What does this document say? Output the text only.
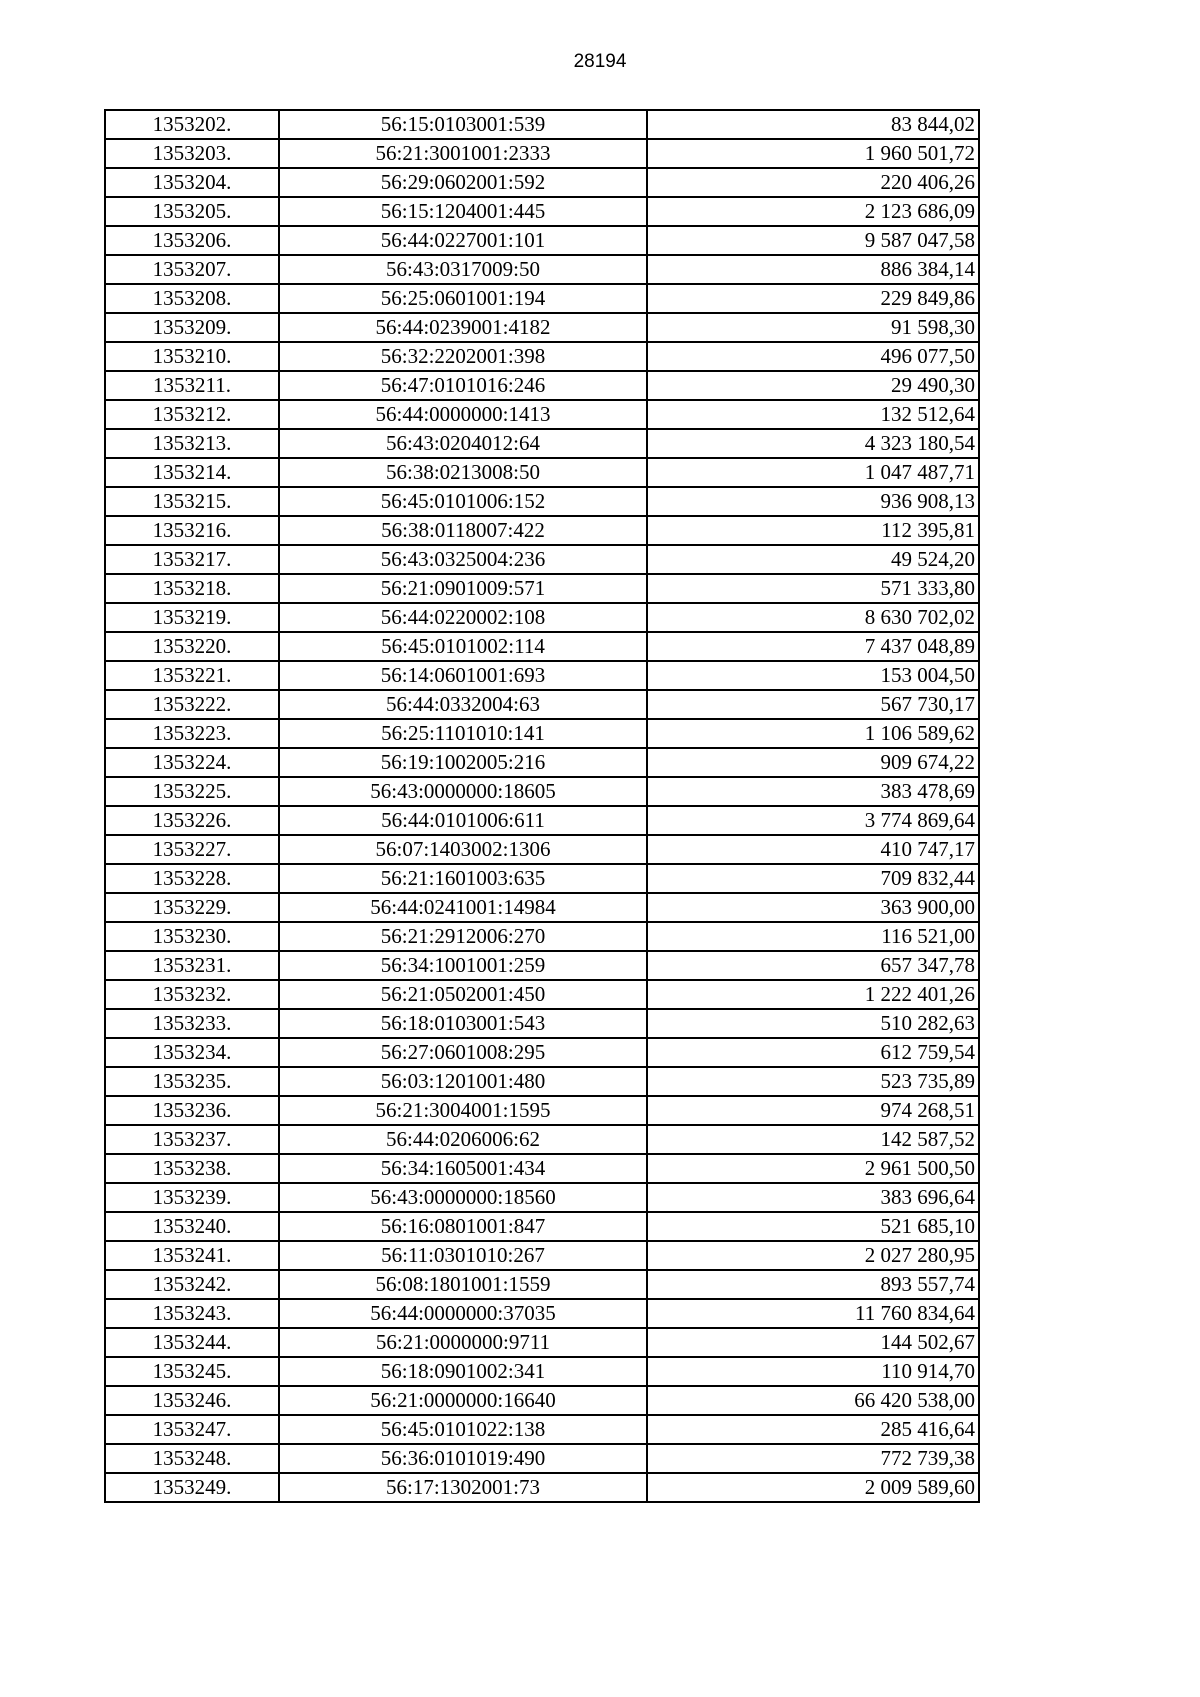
28194
1353202.	56:15:0103001:539	83 844,02
1353203.	56:21:3001001:2333	1 960 501,72
1353204.	56:29:0602001:592	220 406,26
1353205.	56:15:1204001:445	2 123 686,09
1353206.	56:44:0227001:101	9 587 047,58
1353207.	56:43:0317009:50	886 384,14
1353208.	56:25:0601001:194	229 849,86
1353209.	56:44:0239001:4182	91 598,30
1353210.	56:32:2202001:398	496 077,50
1353211.	56:47:0101016:246	29 490,30
1353212.	56:44:0000000:1413	132 512,64
1353213.	56:43:0204012:64	4 323 180,54
1353214.	56:38:0213008:50	1 047 487,71
1353215.	56:45:0101006:152	936 908,13
1353216.	56:38:0118007:422	112 395,81
1353217.	56:43:0325004:236	49 524,20
1353218.	56:21:0901009:571	571 333,80
1353219.	56:44:0220002:108	8 630 702,02
1353220.	56:45:0101002:114	7 437 048,89
1353221.	56:14:0601001:693	153 004,50
1353222.	56:44:0332004:63	567 730,17
1353223.	56:25:1101010:141	1 106 589,62
1353224.	56:19:1002005:216	909 674,22
1353225.	56:43:0000000:18605	383 478,69
1353226.	56:44:0101006:611	3 774 869,64
1353227.	56:07:1403002:1306	410 747,17
1353228.	56:21:1601003:635	709 832,44
1353229.	56:44:0241001:14984	363 900,00
1353230.	56:21:2912006:270	116 521,00
1353231.	56:34:1001001:259	657 347,78
1353232.	56:21:0502001:450	1 222 401,26
1353233.	56:18:0103001:543	510 282,63
1353234.	56:27:0601008:295	612 759,54
1353235.	56:03:1201001:480	523 735,89
1353236.	56:21:3004001:1595	974 268,51
1353237.	56:44:0206006:62	142 587,52
1353238.	56:34:1605001:434	2 961 500,50
1353239.	56:43:0000000:18560	383 696,64
1353240.	56:16:0801001:847	521 685,10
1353241.	56:11:0301010:267	2 027 280,95
1353242.	56:08:1801001:1559	893 557,74
1353243.	56:44:0000000:37035	11 760 834,64
1353244.	56:21:0000000:9711	144 502,67
1353245.	56:18:0901002:341	110 914,70
1353246.	56:21:0000000:16640	66 420 538,00
1353247.	56:45:0101022:138	285 416,64
1353248.	56:36:0101019:490	772 739,38
1353249.	56:17:1302001:73	2 009 589,60
